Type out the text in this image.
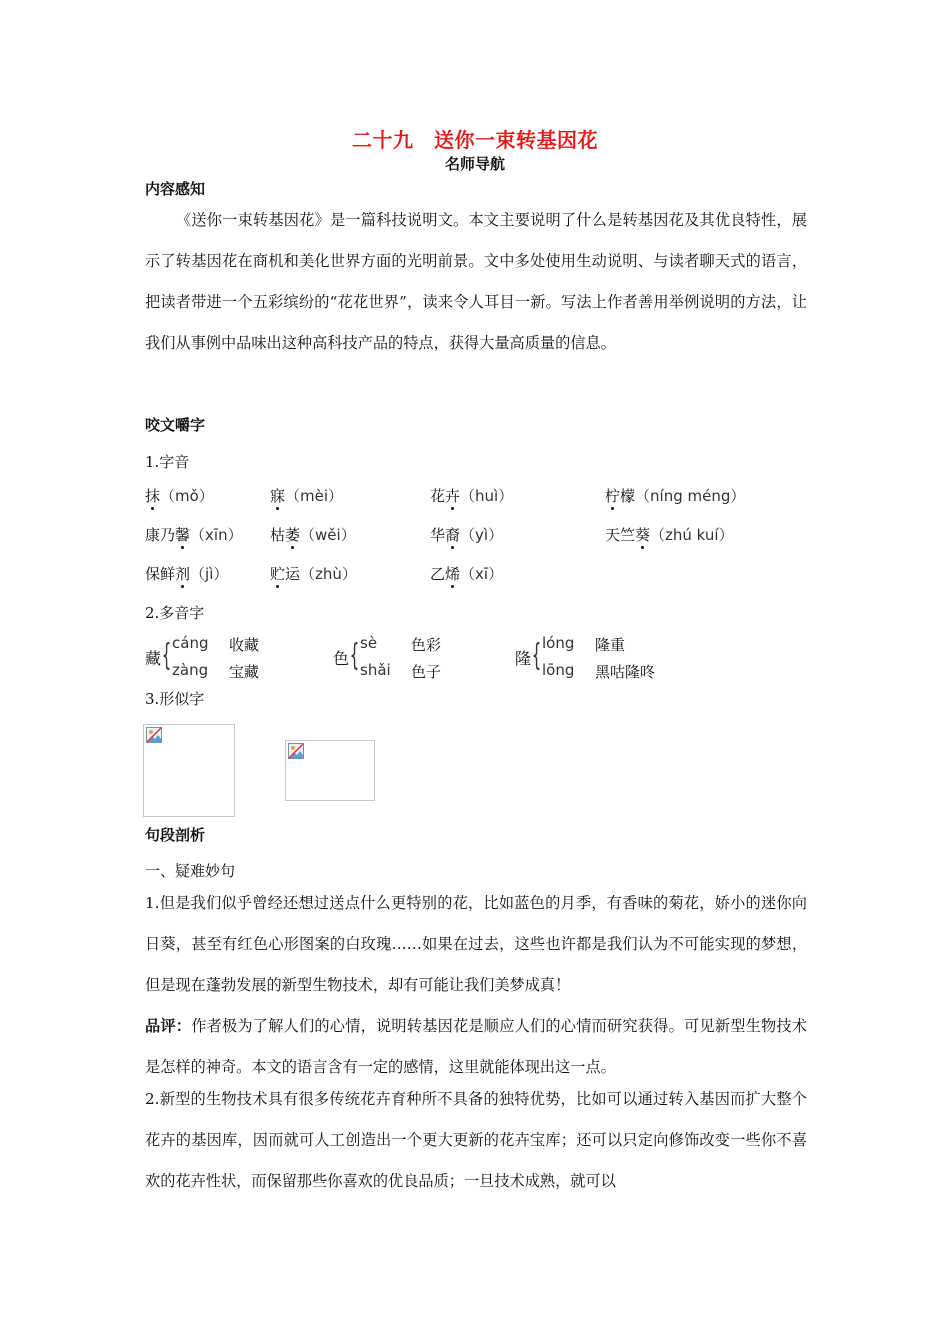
二十九　送你一束转基因花
名师导航
内容感知
《送你一束转基因花》是一篇科技说明文。本文主要说明了什么是转基因花及其优良特性，展示了转基因花在商机和美化世界方面的光明前景。文中多处使用生动说明、与读者聊天式的语言，把读者带进一个五彩缤纷的“花花世界”，读来令人耳目一新。写法上作者善用举例说明的方法，让我们从事例中品味出这种高科技产品的特点，获得大量高质量的信息。
咬文嚼字
1.字音
抹（mǒ）	寐（mèi）	花卉（huì）	柠檬（níng méng）
康乃馨（xīn） 枯萎（wěi）	华裔（yì）	天竺葵（zhú kuí）
保鲜剂（jì）	贮运（zhù）	乙烯（xī）
2.多音字
藏 { cáng 收藏
zàng 宝藏
色 { sè 色彩
shǎi 色子
隆 { lóng 隆重
lōng 黑咕隆咚
3.形似字
句段剖析
一、疑难妙句
1.但是我们似乎曾经还想过送点什么更特别的花，比如蓝色的月季，有香味的菊花，娇小的迷你向日葵，甚至有红色心形图案的白玫瑰……如果在过去，这些也许都是我们认为不可能实现的梦想，但是现在蓬勃发展的新型生物技术，却有可能让我们美梦成真！
品评：作者极为了解人们的心情，说明转基因花是顺应人们的心情而研究获得。可见新型生物技术是怎样的神奇。本文的语言含有一定的感情，这里就能体现出这一点。
2.新型的生物技术具有很多传统花卉育种所不具备的独特优势，比如可以通过转入基因而扩大整个花卉的基因库，因而就可人工创造出一个更大更新的花卉宝库；还可以只定向修饰改变一些你不喜欢的花卉性状，而保留那些你喜欢的优良品质；一旦技术成熟，就可以
